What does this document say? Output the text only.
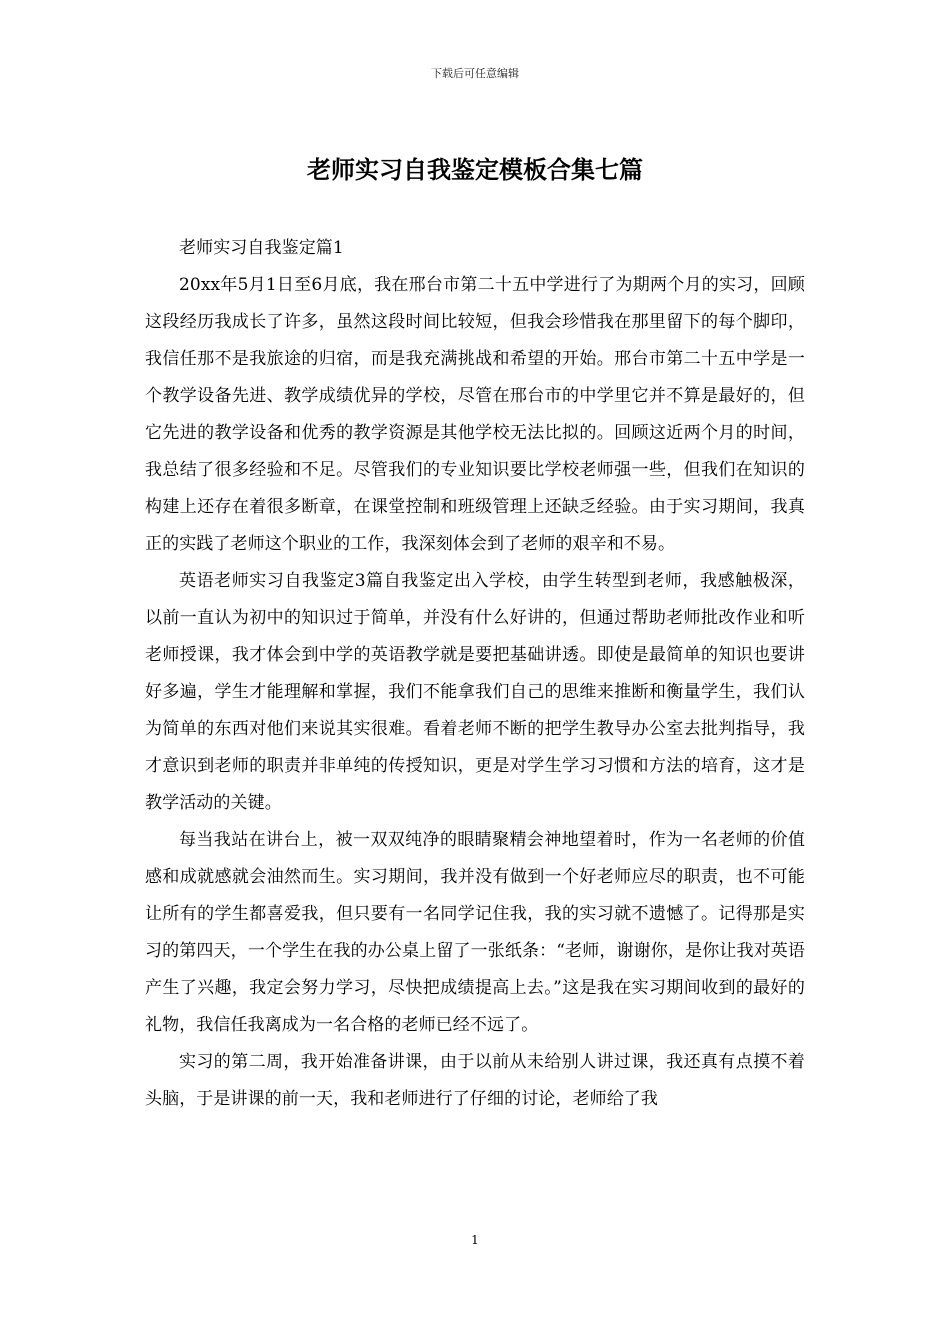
下载后可任意编辑
老师实习自我鉴定模板合集七篇

老师实习自我鉴定篇1

20xx年5月1日至6月底，我在邢台市第二十五中学进行了为期两个月的实习，回顾这段经历我成长了许多，虽然这段时间比较短，但我会珍惜我在那里留下的每个脚印，我信任那不是我旅途的归宿，而是我充满挑战和希望的开始。邢台市第二十五中学是一个教学设备先进、教学成绩优异的学校，尽管在邢台市的中学里它并不算是最好的，但它先进的教学设备和优秀的教学资源是其他学校无法比拟的。回顾这近两个月的时间，我总结了很多经验和不足。尽管我们的专业知识要比学校老师强一些，但我们在知识的构建上还存在着很多断章，在课堂控制和班级管理上还缺乏经验。由于实习期间，我真正的实践了老师这个职业的工作，我深刻体会到了老师的艰辛和不易。

英语老师实习自我鉴定3篇自我鉴定出入学校，由学生转型到老师，我感触极深，以前一直认为初中的知识过于简单，并没有什么好讲的，但通过帮助老师批改作业和听老师授课，我才体会到中学的英语教学就是要把基础讲透。即使是最简单的知识也要讲好多遍，学生才能理解和掌握，我们不能拿我们自己的思维来推断和衡量学生，我们认为简单的东西对他们来说其实很难。看着老师不断的把学生教导办公室去批判指导，我才意识到老师的职责并非单纯的传授知识，更是对学生学习习惯和方法的培育，这才是教学活动的关键。

每当我站在讲台上，被一双双纯净的眼睛聚精会神地望着时，作为一名老师的价值感和成就感就会油然而生。实习期间，我并没有做到一个好老师应尽的职责，也不可能让所有的学生都喜爱我，但只要有一名同学记住我，我的实习就不遗憾了。记得那是实习的第四天，一个学生在我的办公桌上留了一张纸条：“老师，谢谢你，是你让我对英语产生了兴趣，我定会努力学习，尽快把成绩提高上去。”这是我在实习期间收到的最好的礼物，我信任我离成为一名合格的老师已经不远了。

实习的第二周，我开始准备讲课，由于以前从未给别人讲过课，我还真有点摸不着头脑，于是讲课的前一天，我和老师进行了仔细的讨论，老师给了我

1
